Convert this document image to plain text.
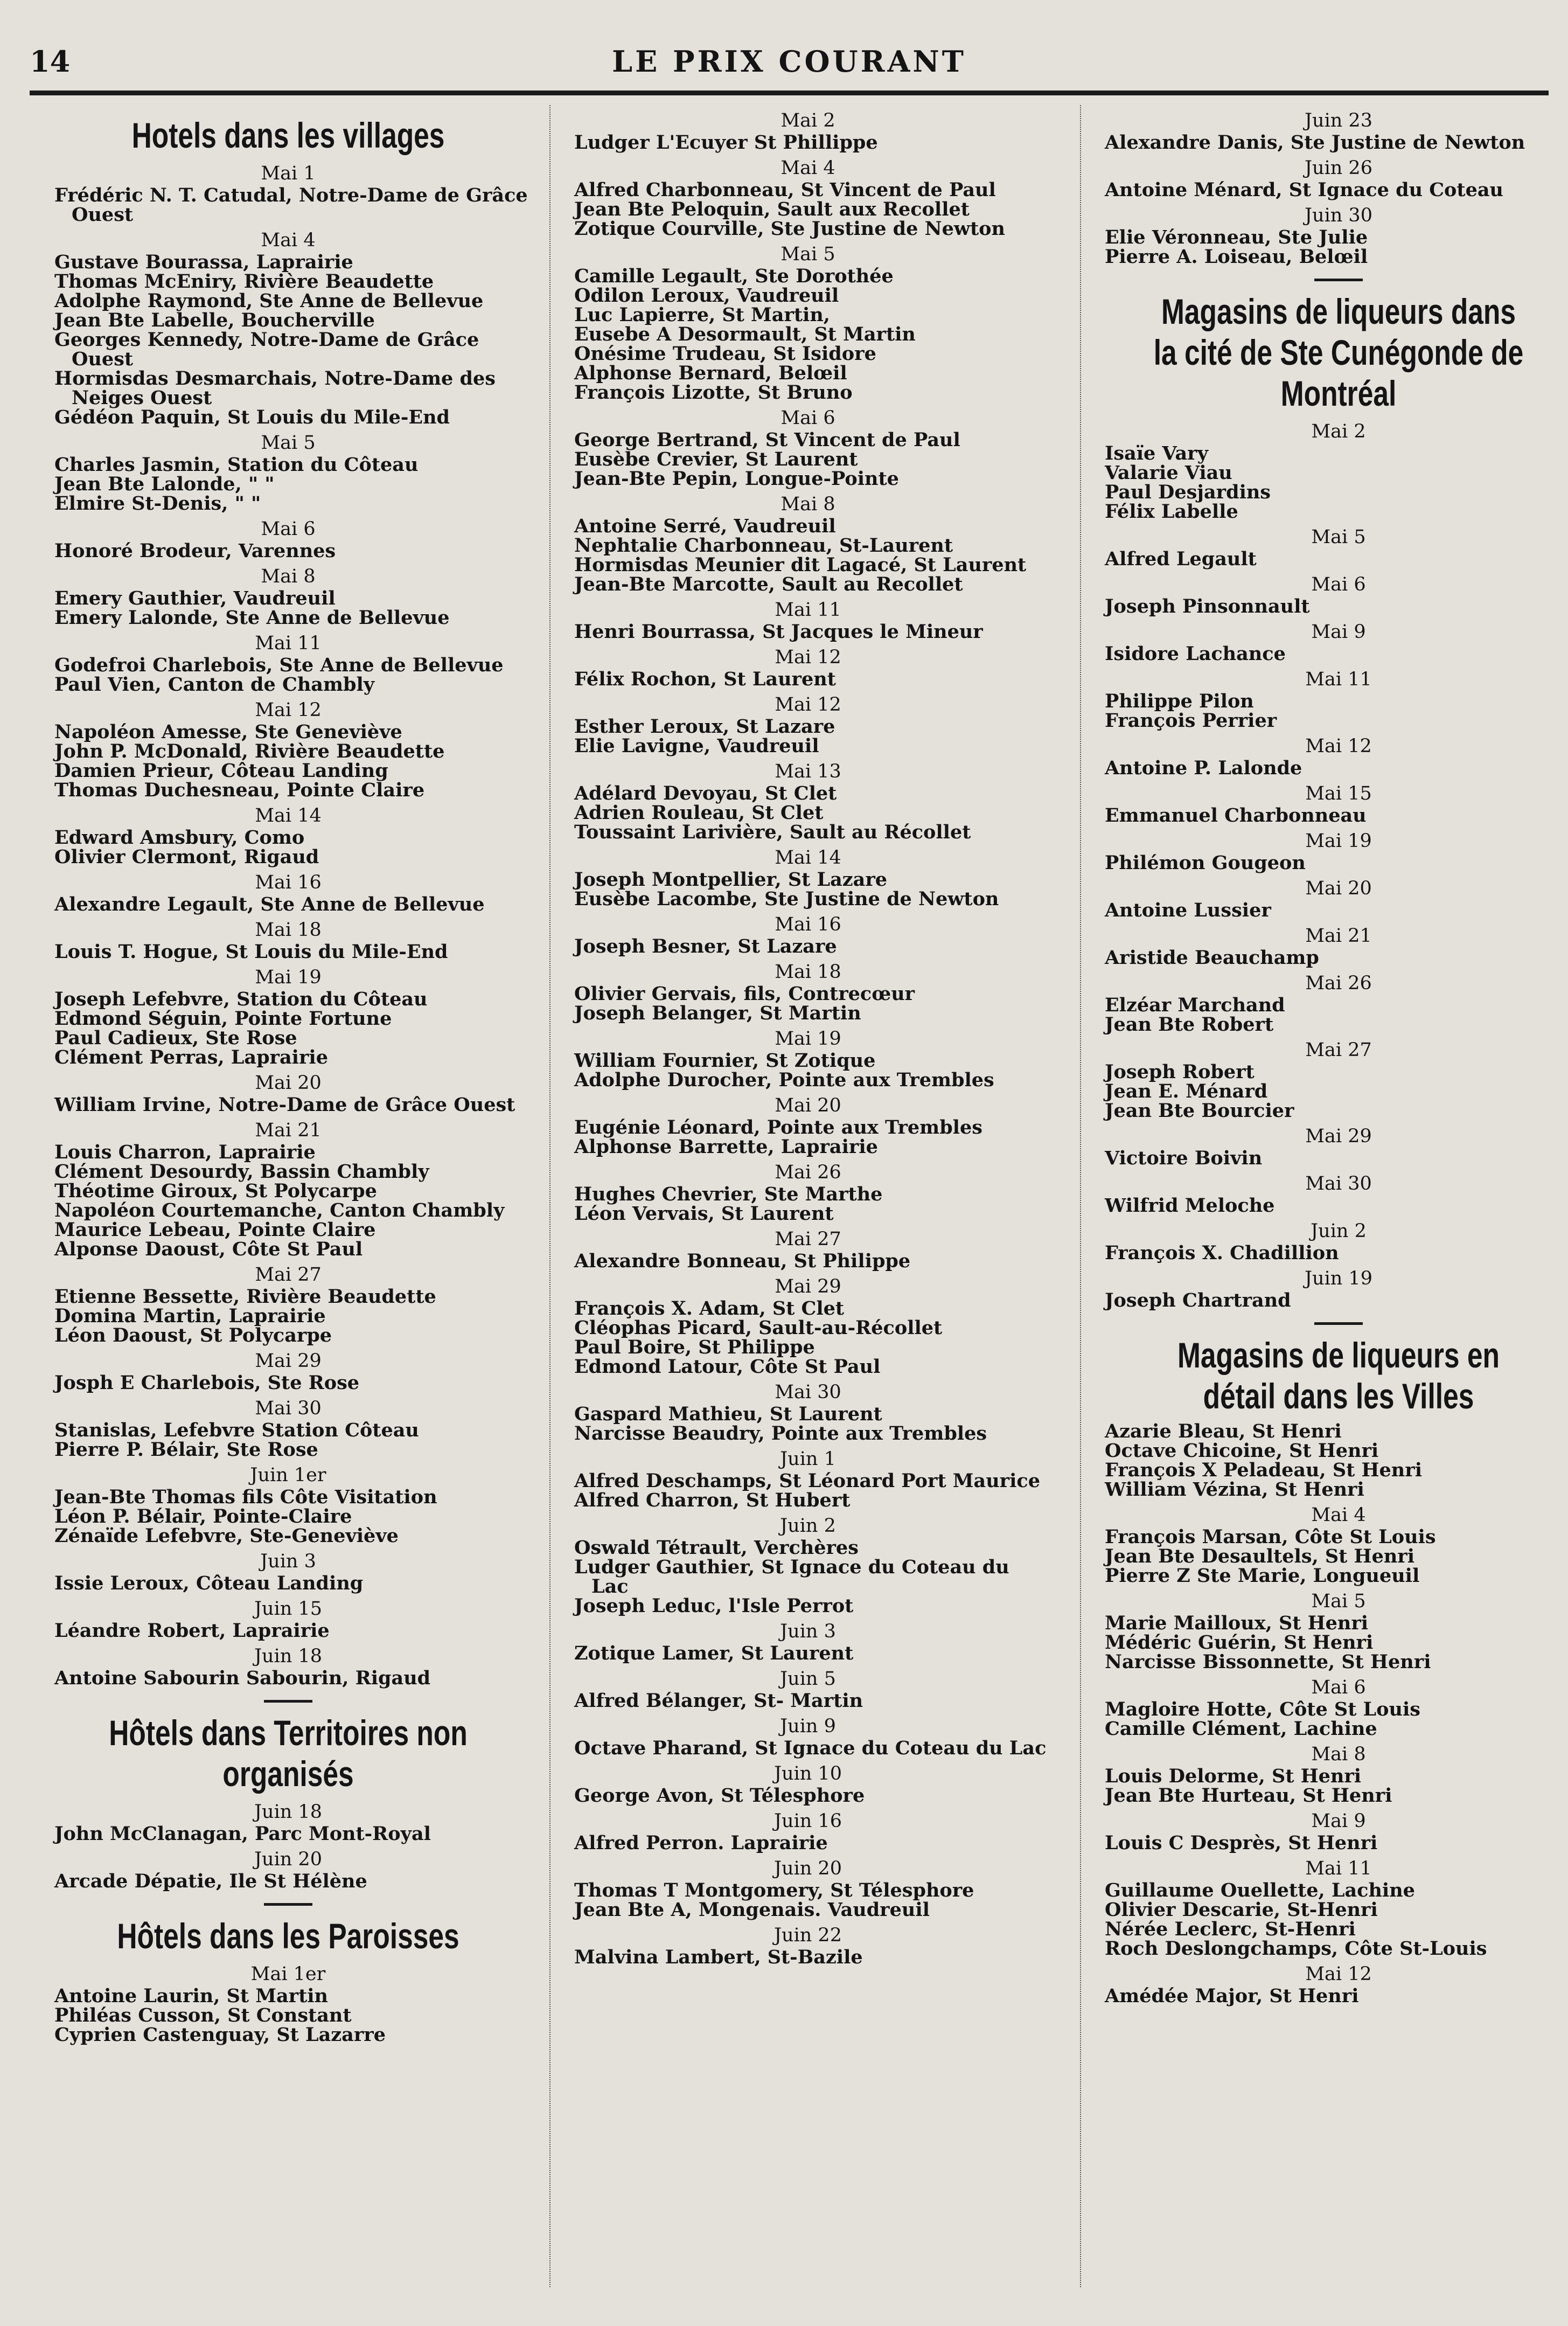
14	LE PRIX COURANT
Hotels dans les villages
Mai 1
Frédéric N. T. Catudal, Notre-Dame de Grâce Ouest
Mai 4
Gustave Bourassa, Laprairie
Thomas McEniry, Rivière Beaudette
Adolphe Raymond, Ste Anne de Bellevue
Jean Bte Labelle, Boucherville
Georges Kennedy, Notre-Dame de Grâce Ouest
Hormisdas Desmarchais, Notre-Dame des Neiges Ouest
Gédéon Paquin, St Louis du Mile-End
Mai 5
Charles Jasmin, Station du Côteau
Jean Bte Lalonde, " "
Elmire St-Denis, " "
Mai 6
Honoré Brodeur, Varennes
Mai 8
Emery Gauthier, Vaudreuil
Emery Lalonde, Ste Anne de Bellevue
Mai 11
Godefroi Charlebois, Ste Anne de Bellevue
Paul Vien, Canton de Chambly
Mai 12
Napoléon Amesse, Ste Geneviève
John P. McDonald, Rivière Beaudette
Damien Prieur, Côteau Landing
Thomas Duchesneau, Pointe Claire
Mai 14
Edward Amsbury, Como
Olivier Clermont, Rigaud
Mai 16
Alexandre Legault, Ste Anne de Bellevue
Mai 18
Louis T. Hogue, St Louis du Mile-End
Mai 19
Joseph Lefebvre, Station du Côteau
Edmond Séguin, Pointe Fortune
Paul Cadieux, Ste Rose
Clément Perras, Laprairie
Mai 20
William Irvine, Notre-Dame de Grâce Ouest
Mai 21
Louis Charron, Laprairie
Clément Desourdy, Bassin Chambly
Théotime Giroux, St Polycarpe
Napoléon Courtemanche, Canton Chambly
Maurice Lebeau, Pointe Claire
Alponse Daoust, Côte St Paul
Mai 27
Etienne Bessette, Rivière Beaudette
Domina Martin, Laprairie
Léon Daoust, St Polycarpe
Mai 29
Josph E Charlebois, Ste Rose
Mai 30
Stanislas, Lefebvre Station Côteau
Pierre P. Bélair, Ste Rose
Juin 1er
Jean-Bte Thomas fils Côte Visitation
Léon P. Bélair, Pointe-Claire
Zénaïde Lefebvre, Ste-Geneviève
Juin 3
Issie Leroux, Côteau Landing
Juin 15
Léandre Robert, Laprairie
Juin 18
Antoine Sabourin Sabourin, Rigaud
Hôtels dans Territoires non organisés
Juin 18
John McClanagan, Parc Mont-Royal
Juin 20
Arcade Dépatie, Ile St Hélène
Hôtels dans les Paroisses
Mai 1er
Antoine Laurin, St Martin
Philéas Cusson, St Constant
Cyprien Castenguay, St Lazarre
Mai 2
Ludger L'Ecuyer St Phillippe
Mai 4
Alfred Charbonneau, St Vincent de Paul
Jean Bte Peloquin, Sault aux Recollet
Zotique Courville, Ste Justine de Newton
Mai 5
Camille Legault, Ste Dorothée
Odilon Leroux, Vaudreuil
Luc Lapierre, St Martin,
Eusebe A Desormault, St Martin
Onésime Trudeau, St Isidore
Alphonse Bernard, Belœil
François Lizotte, St Bruno
Mai 6
George Bertrand, St Vincent de Paul
Eusèbe Crevier, St Laurent
Jean-Bte Pepin, Longue-Pointe
Mai 8
Antoine Serré, Vaudreuil
Nephtalie Charbonneau, St-Laurent
Hormisdas Meunier dit Lagacé, St Laurent
Jean-Bte Marcotte, Sault au Recollet
Mai 11
Henri Bourrassa, St Jacques le Mineur
Mai 12
Félix Rochon, St Laurent
Mai 12
Esther Leroux, St Lazare
Elie Lavigne, Vaudreuil
Mai 13
Adélard Devoyau, St Clet
Adrien Rouleau, St Clet
Toussaint Larivière, Sault au Récollet
Mai 14
Joseph Montpellier, St Lazare
Eusèbe Lacombe, Ste Justine de Newton
Mai 16
Joseph Besner, St Lazare
Mai 18
Olivier Gervais, fils, Contrecœur
Joseph Belanger, St Martin
Mai 19
William Fournier, St Zotique
Adolphe Durocher, Pointe aux Trembles
Mai 20
Eugénie Léonard, Pointe aux Trembles
Alphonse Barrette, Laprairie
Mai 26
Hughes Chevrier, Ste Marthe
Léon Vervais, St Laurent
Mai 27
Alexandre Bonneau, St Philippe
Mai 29
François X. Adam, St Clet
Cléophas Picard, Sault-au-Récollet
Paul Boire, St Philippe
Edmond Latour, Côte St Paul
Mai 30
Gaspard Mathieu, St Laurent
Narcisse Beaudry, Pointe aux Trembles
Juin 1
Alfred Deschamps, St Léonard Port Maurice
Alfred Charron, St Hubert
Juin 2
Oswald Tétrault, Verchères
Ludger Gauthier, St Ignace du Coteau du Lac
Joseph Leduc, l'Isle Perrot
Juin 3
Zotique Lamer, St Laurent
Juin 5
Alfred Bélanger, St- Martin
Juin 9
Octave Pharand, St Ignace du Coteau du Lac
Juin 10
George Avon, St Télesphore
Juin 16
Alfred Perron. Laprairie
Juin 20
Thomas T Montgomery, St Télesphore
Jean Bte A, Mongenais. Vaudreuil
Juin 22
Malvina Lambert, St-Bazile
Juin 23
Alexandre Danis, Ste Justine de Newton
Juin 26
Antoine Ménard, St Ignace du Coteau
Juin 30
Elie Véronneau, Ste Julie
Pierre A. Loiseau, Belœil
Magasins de liqueurs dans la cité de Ste Cunégonde de Montréal
Mai 2
Isaïe Vary
Valarie Viau
Paul Desjardins
Félix Labelle
Mai 5
Alfred Legault
Mai 6
Joseph Pinsonnault
Mai 9
Isidore Lachance
Mai 11
Philippe Pilon
François Perrier
Mai 12
Antoine P. Lalonde
Mai 15
Emmanuel Charbonneau
Mai 19
Philémon Gougeon
Mai 20
Antoine Lussier
Mai 21
Aristide Beauchamp
Mai 26
Elzéar Marchand
Jean Bte Robert
Mai 27
Joseph Robert
Jean E. Ménard
Jean Bte Bourcier
Mai 29
Victoire Boivin
Mai 30
Wilfrid Meloche
Juin 2
François X. Chadillion
Juin 19
Joseph Chartrand
Magasins de liqueurs en détail dans les Villes
Azarie Bleau, St Henri
Octave Chicoine, St Henri
François X Peladeau, St Henri
William Vézina, St Henri
Mai 4
François Marsan, Côte St Louis
Jean Bte Desaultels, St Henri
Pierre Z Ste Marie, Longueuil
Mai 5
Marie Mailloux, St Henri
Médéric Guérin, St Henri
Narcisse Bissonnette, St Henri
Mai 6
Magloire Hotte, Côte St Louis
Camille Clément, Lachine
Mai 8
Louis Delorme, St Henri
Jean Bte Hurteau, St Henri
Mai 9
Louis C Desprès, St Henri
Mai 11
Guillaume Ouellette, Lachine
Olivier Descarie, St-Henri
Nérée Leclerc, St-Henri
Roch Deslongchamps, Côte St-Louis
Mai 12
Amédée Major, St Henri
